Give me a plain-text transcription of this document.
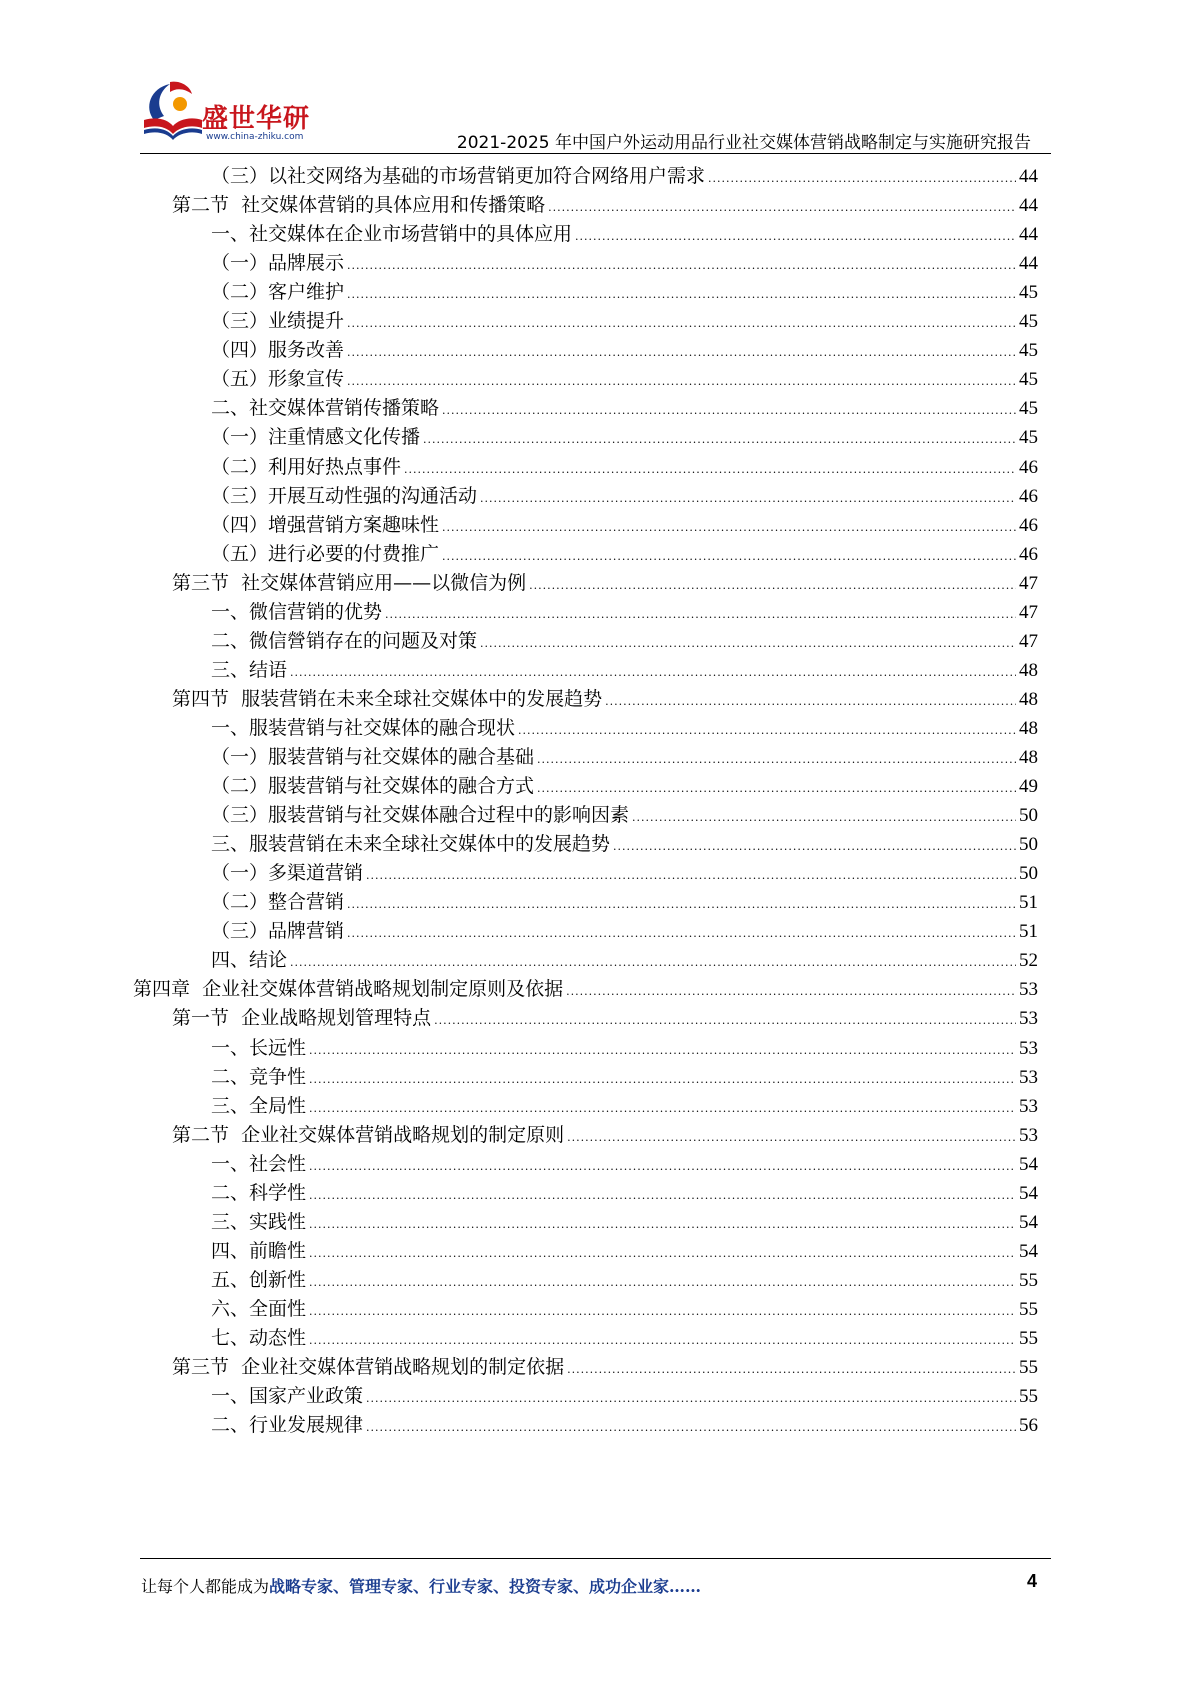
盛世华研
www.china-zhiku.com	2021-2025 年中国户外运动用品行业社交媒体营销战略制定与实施研究报告
（三）以社交网络为基础的市场营销更加符合网络用户需求 .....	44
第二节  社交媒体营销的具体应用和传播策略 .....	44
一、社交媒体在企业市场营销中的具体应用 .....	44
（一）品牌展示 .....	44
（二）客户维护 .....	45
（三）业绩提升 .....	45
（四）服务改善 .....	45
（五）形象宣传 .....	45
二、社交媒体营销传播策略 .....	45
（一）注重情感文化传播 .....	45
（二）利用好热点事件 .....	46
（三）开展互动性强的沟通活动 .....	46
（四）增强营销方案趣味性 .....	46
（五）进行必要的付费推广 .....	46
第三节  社交媒体营销应用——以微信为例 .....	47
一、微信营销的优势 .....	47
二、微信營销存在的问题及对策 .....	47
三、结语 .....	48
第四节  服装营销在未来全球社交媒体中的发展趋势 .....	48
一、服装营销与社交媒体的融合现状 .....	48
（一）服装营销与社交媒体的融合基础 .....	48
（二）服装营销与社交媒体的融合方式 .....	49
（三）服装营销与社交媒体融合过程中的影响因素 .....	50
三、服装营销在未来全球社交媒体中的发展趋势 .....	50
（一）多渠道营销 .....	50
（二）整合营销 .....	51
（三）品牌营销 .....	51
四、结论 .....	52
第四章  企业社交媒体营销战略规划制定原则及依据 .....	53
第一节  企业战略规划管理特点 .....	53
一、长远性 .....	53
二、竞争性 .....	53
三、全局性 .....	53
第二节  企业社交媒体营销战略规划的制定原则 .....	53
一、社会性 .....	54
二、科学性 .....	54
三、实践性 .....	54
四、前瞻性 .....	54
五、创新性 .....	55
六、全面性 .....	55
七、动态性 .....	55
第三节  企业社交媒体营销战略规划的制定依据 .....	55
一、国家产业政策 .....	55
二、行业发展规律 .....	56
让每个人都能成为战略专家、管理专家、行业专家、投资专家、成功企业家……	4
